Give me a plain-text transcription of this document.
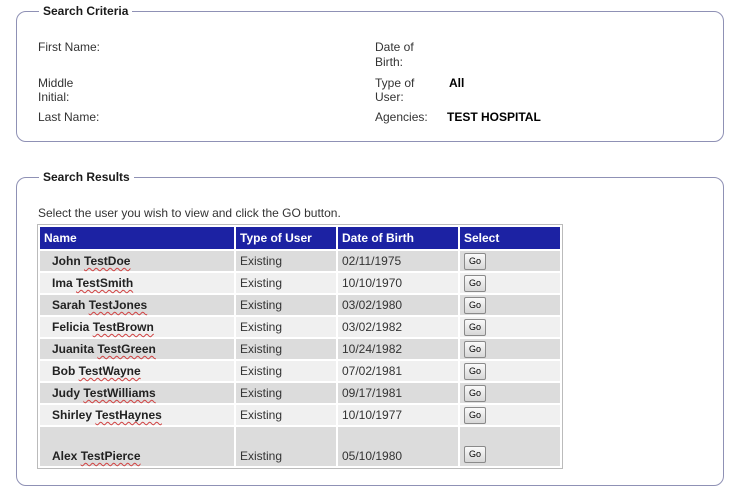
Search Criteria
First Name:
Middle
Initial:
Last Name:
Date of
Birth:
Type of
User:
All
Agencies: TEST HOSPITAL
Search Results
Select the user you wish to view and click the GO button.
Name	Type of User	Date of Birth	Select
John TestDoe	Existing	02/11/1975	Go
Ima TestSmith	Existing	10/10/1970	Go
Sarah TestJones	Existing	03/02/1980	Go
Felicia TestBrown	Existing	03/02/1982	Go
Juanita TestGreen	Existing	10/24/1982	Go
Bob TestWayne	Existing	07/02/1981	Go
Judy TestWilliams	Existing	09/17/1981	Go
Shirley TestHaynes	Existing	10/10/1977	Go
Alex TestPierce	Existing	05/10/1980	Go
